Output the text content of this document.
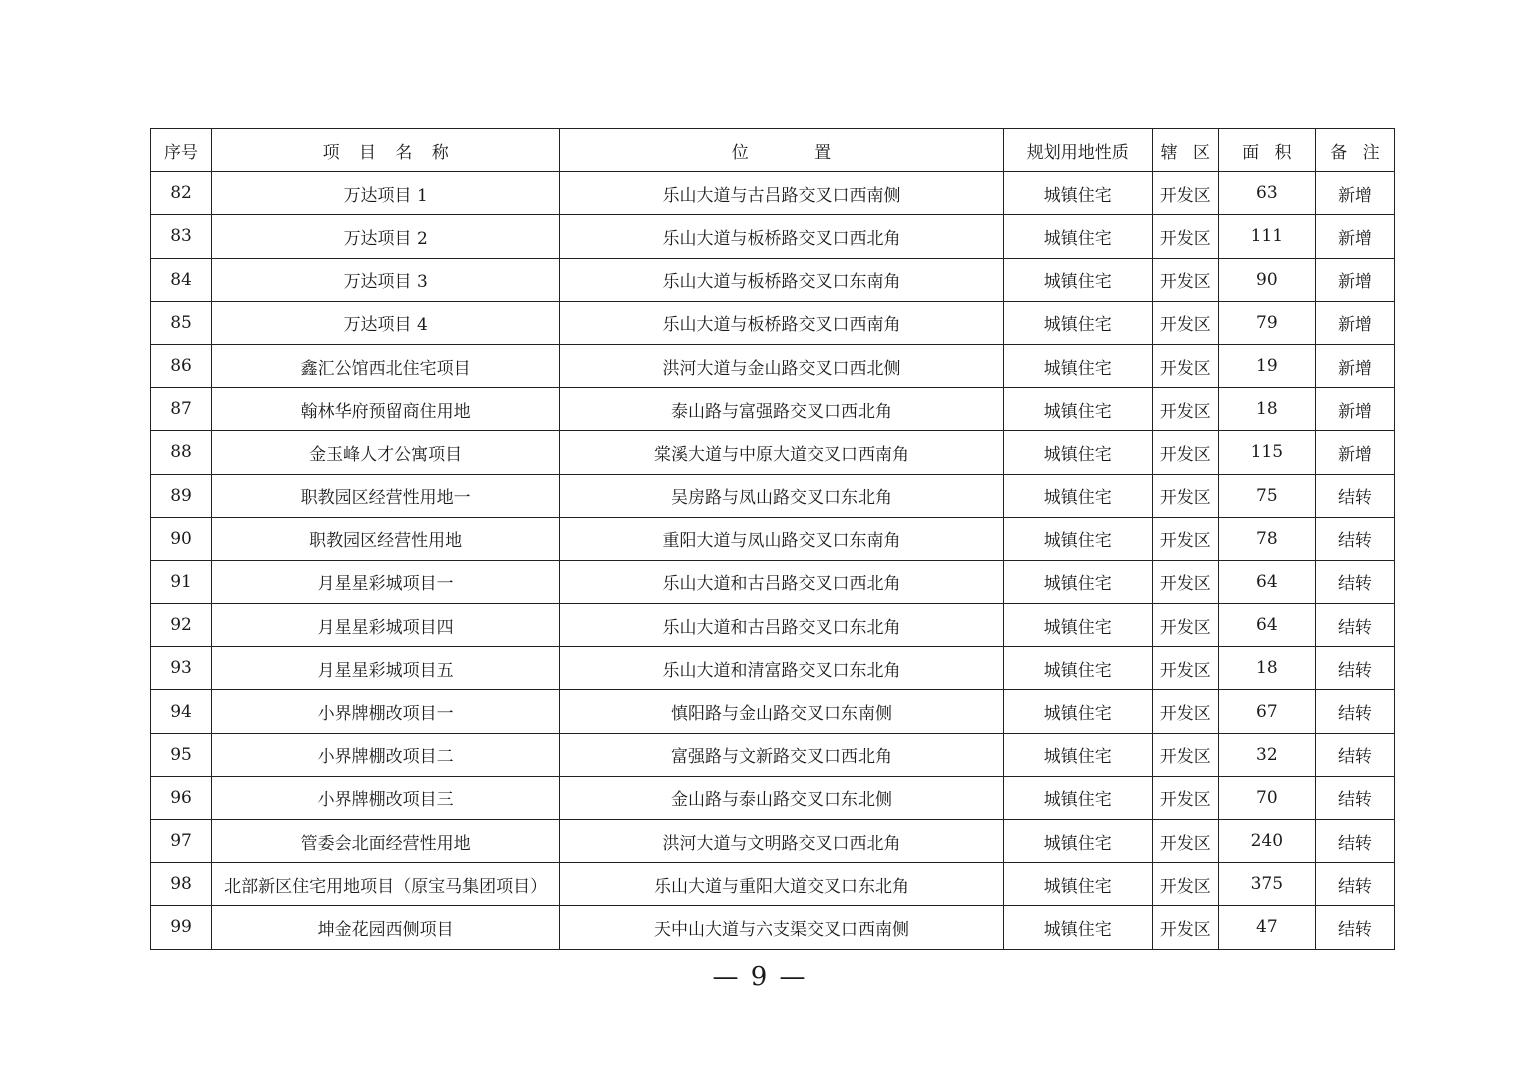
序号	项 目 名 称	位 置	规划用地性质	辖 区	面 积	备 注
82	万达项目 1	乐山大道与古吕路交叉口西南侧	城镇住宅	开发区	63	新增
83	万达项目 2	乐山大道与板桥路交叉口西北角	城镇住宅	开发区	111	新增
84	万达项目 3	乐山大道与板桥路交叉口东南角	城镇住宅	开发区	90	新增
85	万达项目 4	乐山大道与板桥路交叉口西南角	城镇住宅	开发区	79	新增
86	鑫汇公馆西北住宅项目	洪河大道与金山路交叉口西北侧	城镇住宅	开发区	19	新增
87	翰林华府预留商住用地	泰山路与富强路交叉口西北角	城镇住宅	开发区	18	新增
88	金玉峰人才公寓项目	棠溪大道与中原大道交叉口西南角	城镇住宅	开发区	115	新增
89	职教园区经营性用地一	吴房路与凤山路交叉口东北角	城镇住宅	开发区	75	结转
90	职教园区经营性用地	重阳大道与凤山路交叉口东南角	城镇住宅	开发区	78	结转
91	月星星彩城项目一	乐山大道和古吕路交叉口西北角	城镇住宅	开发区	64	结转
92	月星星彩城项目四	乐山大道和古吕路交叉口东北角	城镇住宅	开发区	64	结转
93	月星星彩城项目五	乐山大道和清富路交叉口东北角	城镇住宅	开发区	18	结转
94	小界牌棚改项目一	慎阳路与金山路交叉口东南侧	城镇住宅	开发区	67	结转
95	小界牌棚改项目二	富强路与文新路交叉口西北角	城镇住宅	开发区	32	结转
96	小界牌棚改项目三	金山路与泰山路交叉口东北侧	城镇住宅	开发区	70	结转
97	管委会北面经营性用地	洪河大道与文明路交叉口西北角	城镇住宅	开发区	240	结转
98	北部新区住宅用地项目（原宝马集团项目）	乐山大道与重阳大道交叉口东北角	城镇住宅	开发区	375	结转
99	坤金花园西侧项目	天中山大道与六支渠交叉口西南侧	城镇住宅	开发区	47	结转
— 9 —
